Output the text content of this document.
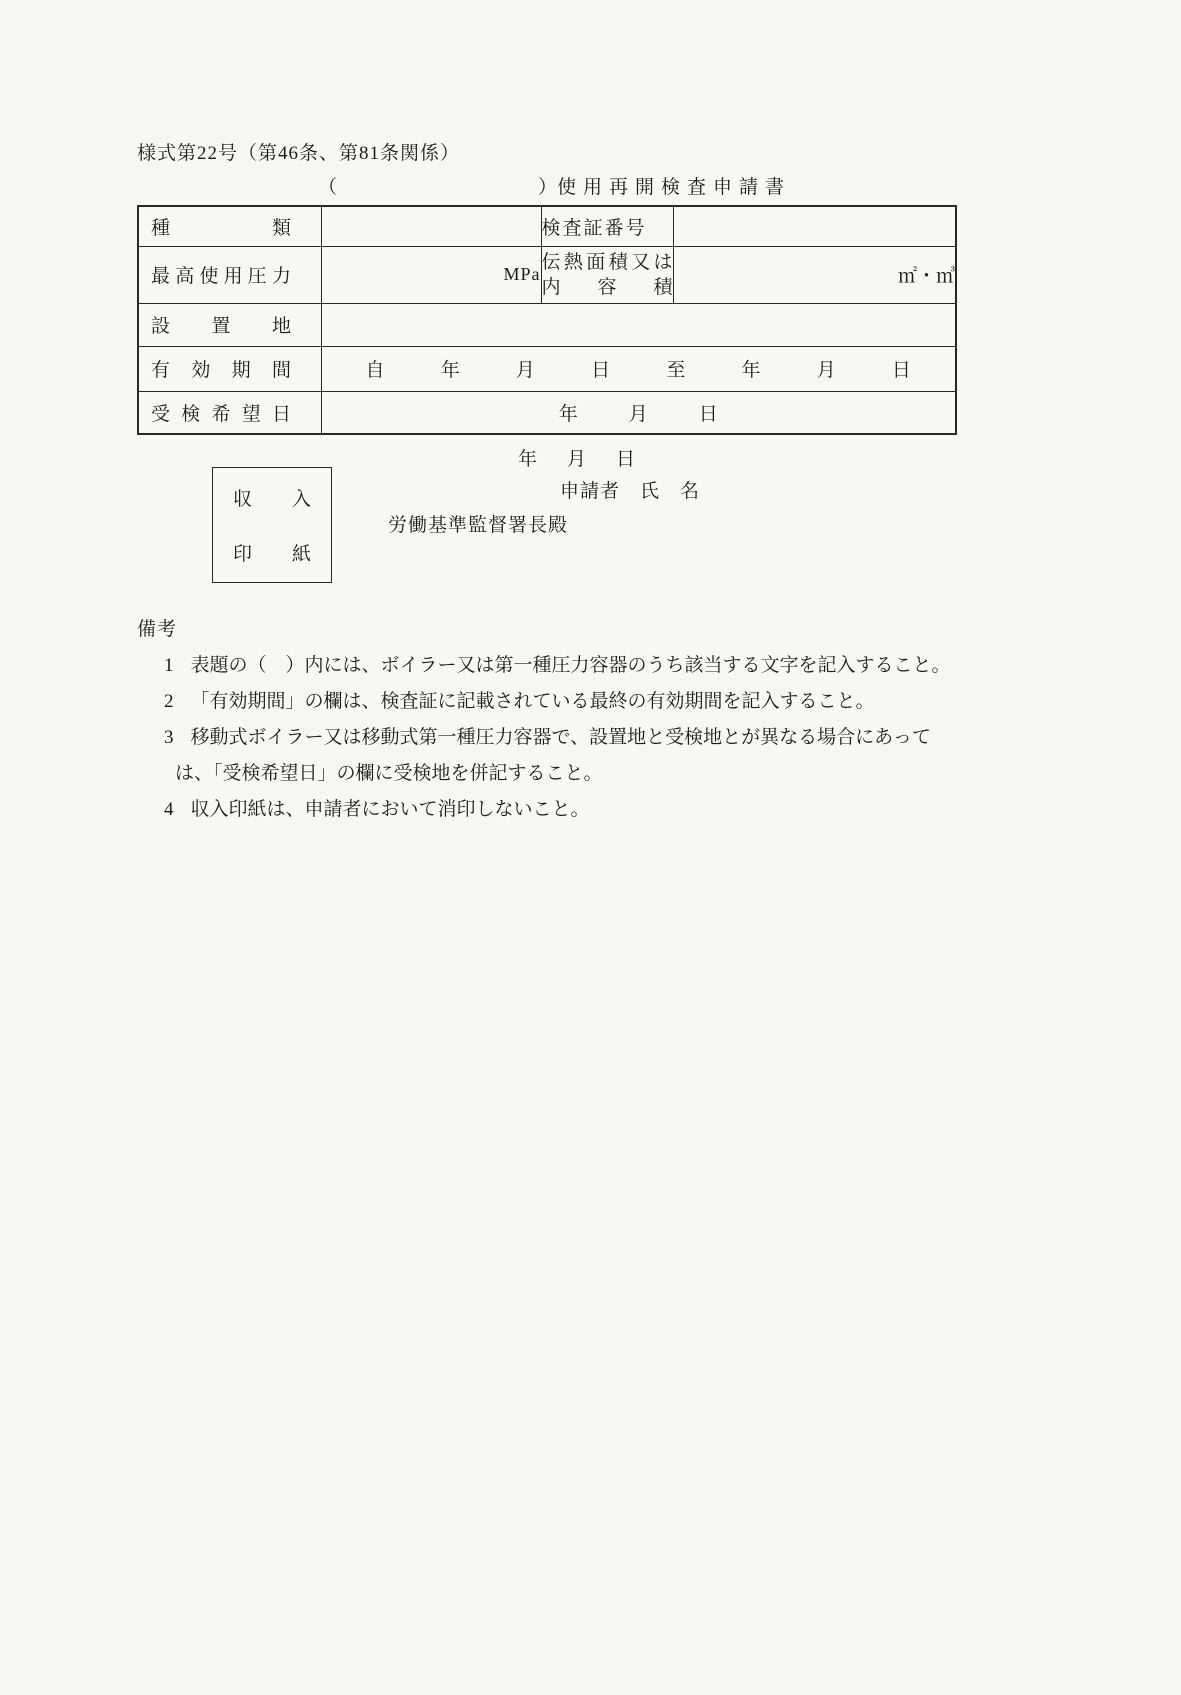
様式第22号（第46条、第81条関係）
（	） 使用再開検査申請書
種類		検査証番号	
最高使用圧力	MPa	伝熱面積又は内容積	㎡・㎥
設置地			
有効期間	自	年	月	日	至	年	月	日

受検希望日	年 月 日		
年 月 日
申請者　氏　名
収入
印紙
労働基準監督署長殿
備考
1 表題の（　）内には、ボイラー又は第一種圧力容器のうち該当する文字を記入すること。
2 「有効期間」の欄は、検査証に記載されている最終の有効期間を記入すること。
3 移動式ボイラー又は移動式第一種圧力容器で、設置地と受検地とが異なる場合にあっては、「受検希望日」の欄に受検地を併記すること。
4 収入印紙は、申請者において消印しないこと。
